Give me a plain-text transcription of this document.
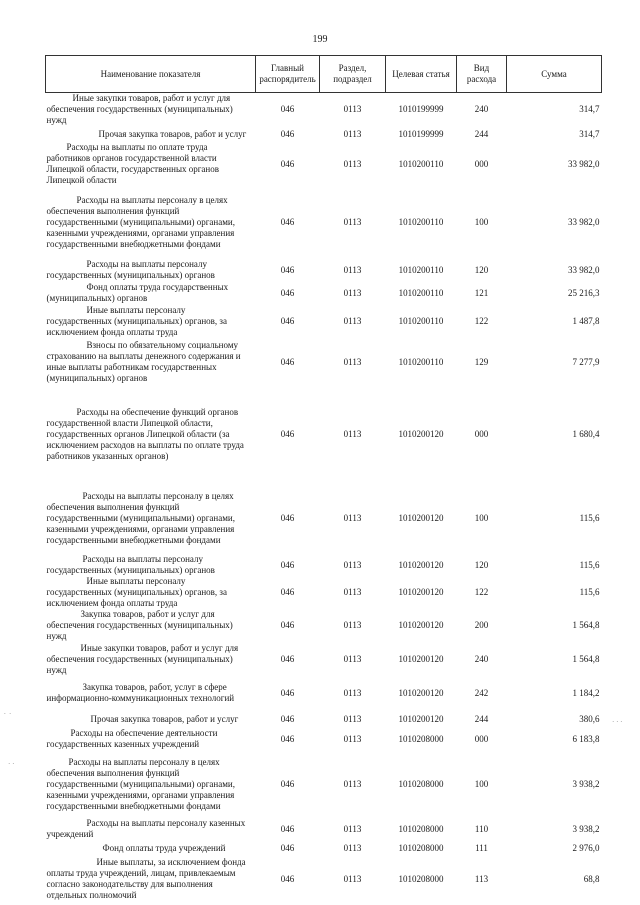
199
Наименование показателя	Главный распорядитель	Раздел, подраздел	Целевая статья	Вид расхода	Сумма

Иные закупки товаров, работ и услуг для обеспечения государственных (муниципальных) нужд	046	0113	1010199999	240	314,7

Прочая закупка товаров, работ и услуг	046	0113	1010199999	244	314,7

Расходы на выплаты по оплате труда работников органов государственной власти Липецкой области, государственных органов Липецкой области	046	0113	1010200110	000	33 982,0

Расходы на выплаты персоналу в целях обеспечения выполнения функций государственными (муниципальными) органами, казенными учреждениями, органами управления государственными внебюджетными фондами	046	0113	1010200110	100	33 982,0

Расходы на выплаты персоналу государственных (муниципальных) органов	046	0113	1010200110	120	33 982,0

Фонд оплаты труда государственных (муниципальных) органов	046	0113	1010200110	121	25 216,3

Иные выплаты персоналу государственных (муниципальных) органов, за исключением фонда оплаты труда	046	0113	1010200110	122	1 487,8

Взносы по обязательному социальному страхованию на выплаты денежного содержания и иные выплаты работникам государственных (муниципальных) органов	046	0113	1010200110	129	7 277,9

Расходы на обеспечение функций органов государственной власти Липецкой области, государственных органов Липецкой области (за исключением расходов на выплаты по оплате труда работников указанных органов)	046	0113	1010200120	000	1 680,4

Расходы на выплаты персоналу в целях обеспечения выполнения функций государственными (муниципальными) органами, казенными учреждениями, органами управления государственными внебюджетными фондами	046	0113	1010200120	100	115,6

Расходы на выплаты персоналу государственных (муниципальных) органов	046	0113	1010200120	120	115,6

Иные выплаты персоналу государственных (муниципальных) органов, за исключением фонда оплаты труда	046	0113	1010200120	122	115,6

Закупка товаров, работ и услуг для обеспечения государственных (муниципальных) нужд	046	0113	1010200120	200	1 564,8

Иные закупки товаров, работ и услуг для обеспечения государственных (муниципальных) нужд	046	0113	1010200120	240	1 564,8

Закупка товаров, работ, услуг в сфере информационно-коммуникационных технологий	046	0113	1010200120	242	1 184,2

Прочая закупка товаров, работ и услуг	046	0113	1010200120	244	380,6

Расходы на обеспечение деятельности государственных казенных учреждений	046	0113	1010208000	000	6 183,8

Расходы на выплаты персоналу в целях обеспечения выполнения функций государственными (муниципальными) органами, казенными учреждениями, органами управления государственными внебюджетными фондами	046	0113	1010208000	100	3 938,2

Расходы на выплаты персоналу казенных учреждений	046	0113	1010208000	110	3 938,2

Фонд оплаты труда учреждений	046	0113	1010208000	111	2 976,0

Иные выплаты, за исключением фонда оплаты труда учреждений, лицам, привлекаемым согласно законодательству для выполнения отдельных полномочий	046	0113	1010208000	113	68,8
.  .
· ·
· · ·
